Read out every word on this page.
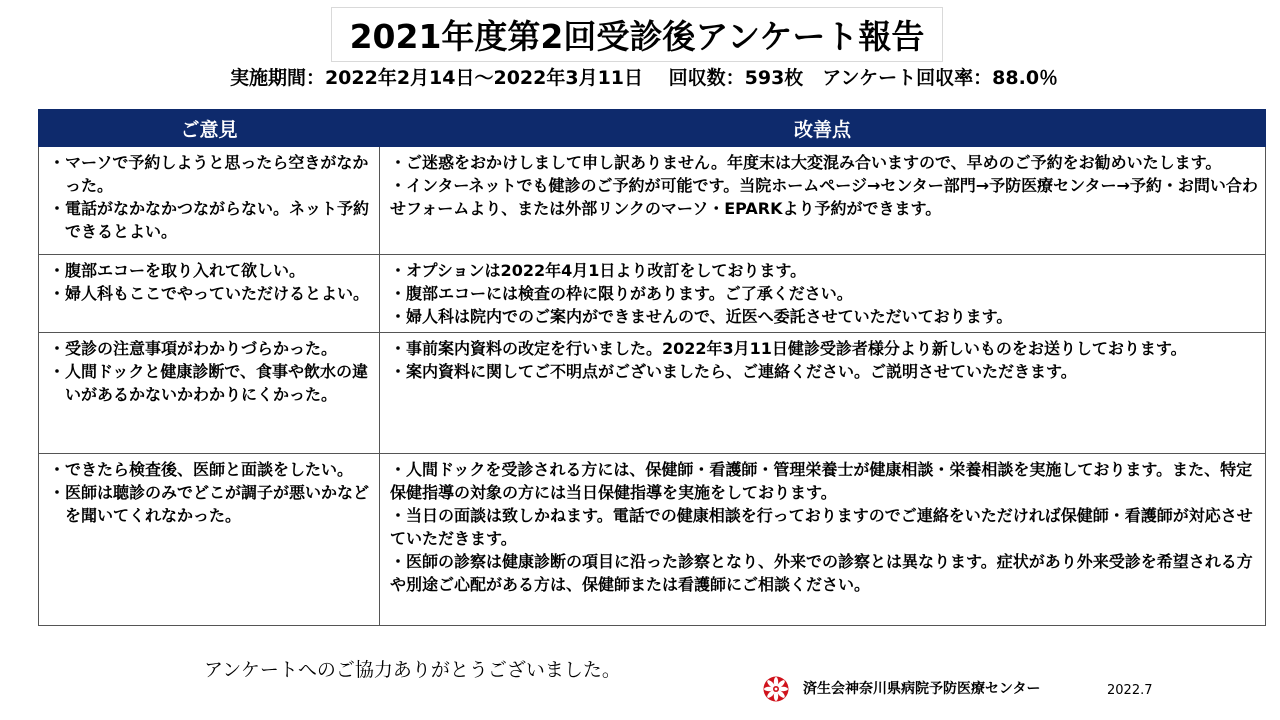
2021年度第2回受診後アンケート報告
実施期間：2022年2月14日～2022年3月11日　 回収数：593枚　アンケート回収率：88.0％
ご意見	改善点

・マーソで予約しようと思ったら空きがなかった。
・電話がなかなかつながらない。ネット予約できるとよい。	・ご迷惑をおかけしまして申し訳ありません。年度末は大変混み合いますので、早めのご予約をお勧めいたします。
・インターネットでも健診のご予約が可能です。当院ホームページ→センター部門→予防医療センター→予約・お問い合わせフォームより、または外部リンクのマーソ・EPARKより予約ができます。

・腹部エコーを取り入れて欲しい。
・婦人科もここでやっていただけるとよい。	・オプションは2022年4月1日より改訂をしております。
・腹部エコーには検査の枠に限りがあります。ご了承ください。
・婦人科は院内でのご案内ができませんので、近医へ委託させていただいております。

・受診の注意事項がわかりづらかった。
・人間ドックと健康診断で、食事や飲水の違いがあるかないかわかりにくかった。	・事前案内資料の改定を行いました。2022年3月11日健診受診者様分より新しいものをお送りしております。
・案内資料に関してご不明点がございましたら、ご連絡ください。ご説明させていただきます。

・できたら検査後、医師と面談をしたい。
・医師は聴診のみでどこが調子が悪いかなどを聞いてくれなかった。	・人間ドックを受診される方には、保健師・看護師・管理栄養士が健康相談・栄養相談を実施しております。また、特定保健指導の対象の方には当日保健指導を実施をしております。
・当日の面談は致しかねます。電話での健康相談を行っておりますのでご連絡をいただければ保健師・看護師が対応させていただきます。
・医師の診察は健康診断の項目に沿った診察となり、外来での診察とは異なります。症状があり外来受診を希望される方や別途ご心配がある方は、保健師または看護師にご相談ください。
アンケートへのご協力ありがとうございました。
済生会神奈川県病院予防医療センター	2022.7
